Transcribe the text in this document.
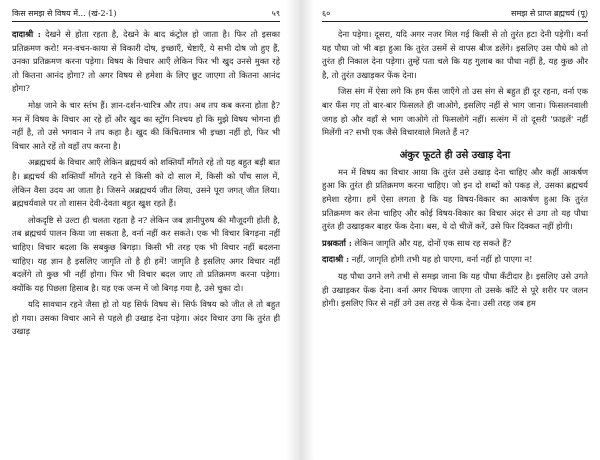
किस समझ से विषय में... (खं-2-1)	५९
दादाश्री : देखने से होता रहता है, देखने के बाद कंट्रोल हो जाता है। फिर तो इसका प्रतिक्रमण करो! मन-वचन-काया से विकारी दोष, इच्छाएँ, चेष्टाएँ, ये सभी दोष जो हुए हैं, उनका प्रतिक्रमण करना पड़ेगा। विषय के विचार आएँ लेकिन फिर भी खुद उनसे मुक्त रहे तो कितना आनंद होगा? तो अगर विषय से हमेशा के लिए छूट जाएगा तो कितना आनंद होगा?
मोक्ष जाने के चार स्तंभ हैं। ज्ञान-दर्शन-चारित्र और तप। अब तप कब करना होता है? मन में विषय के विचार आ रहे हों और खुद का स्ट्रोंग निश्चय हो कि मुझे विषय भोगना ही नहीं है, तो उसे भगवान ने तप कहा है। खुद की किंचितमात्र भी इच्छा नहीं हो, फिर भी विचार आते रहें तो वहाँ तप करना है।
अब्रह्मचर्य के विचार आएँ लेकिन ब्रह्मचर्य को शक्तियाँ माँगते रहे तो यह बहुत बड़ी बात है। ब्रह्मचर्य की शक्तियाँ माँगते रहने से किसी को दो साल में, किसी को पाँच साल में, लेकिन वैसा उदय आ जाता है। जिसने अब्रह्मचर्य जीत लिया, उसने पूरा जगत् जीत लिया। ब्रह्मचर्यवाले पर तो शासन देवी-देवता बहुत खुश रहते हैं।
लोकदृष्टि से उल्टा ही चलता रहता है न? लेकिन जब ज्ञानीपुरुष की मौजूदगी होती है, तब ब्रह्मचर्य पालन किया जा सकता है, वर्ना नहीं कर सकते। एक भी विचार बिगड़ना नहीं चाहिए। विचार बदला कि सबकुछ बिगड़ा। किसी भी तरह एक भी विचार नहीं बदलना चाहिए। यह ज्ञान है इसलिए जागृति तो है ही हमें! जागृति है इसलिए अगर विचार नहीं बदलेंगे तो कुछ भी नहीं होगा। फिर भी विचार बदल जाए तो प्रतिक्रमण करना पड़ेगा। क्योंकि यह पिछला हिसाब है। यह एक जन्म में जो बिगड़ गया है, उसे चुका दो।
यदि सावधान रहने जैसा हो तो यह सिर्फ विषय से। सिर्फ विषय को जीत ले तो बहुत हो गया। उसका विचार आने से पहले ही उखाड़ देना पड़ेगा। अंदर विचार उगा कि तुरंत ही उखाड़
६०	समझ से प्राप्त ब्रह्मचर्य (पू)
देना पड़ेगा। दूसरा, यदि अगर नजर मिल गई किसी से तो तुरंत हटा देनी पड़ेगी। वर्ना यह पौधा जो भी बड़ा हुआ कि तुरंत उसमें से वापस बीज डलेंगे। इसलिए उस पौधे को तो तुरंत ही निकाल देना पड़ेगा। तुम्हें पता चले कि यह गुलाब का पौधा नहीं है, यह कुछ और है, तो तुरंत उखाड़कर फेंक देना।
जिस संग में ऐसा लगे कि हम फँस जाएँगे तो उस संग से बहुत ही दूर रहना, वर्ना एक बार फँस गए तो बार-बार फिसलते ही जाओगे, इसलिए नहीं से भाग जाना। फिसलनवाली जगह हो और वहाँ से भाग जाओगे तो फिसलोगे नहीं। सत्संग में तो दूसरी 'फ़ाइलें' नहीं मिलेंगी न? सभी एक जैसे विचारवाले मिलते हैं न?
अंकुर फूटते ही उसे उखाड़ देना
मन में विषय का विचार आया कि तुरंत उसे उखाड़ देना चाहिए और कहीं आकर्षण हुआ कि तुरंत ही प्रतिक्रमण करना चाहिए। जो इन दो शब्दों को पकड़ ले, उसका ब्रह्मचर्य हमेशा रहेगा। हमें ऐसा लगता है कि यह विषय-विकार का आकर्षण हुआ कि तुरंत प्रतिक्रमण कर लेना चाहिए और कोई विषय-विकार का विचार अंदर से उगा तो यह पौधा तुरंत ही उखाड़कर बाहर फेंक देना। बस, ये दो चीजें करें, उसे फिर दिक्कत नहीं होगी।
प्रश्नकर्ता : लेकिन जागृति और यह, दोनों एक साथ रह सकते हैं?
दादाश्री : नहीं, जागृति होगी तभी यह हो पाएगा, वर्ना नहीं हो पाएगा न!
यह पौधा उगने लगे तभी से समझ जाना कि यह पौधा कँटीदार है। इसलिए उसे उगते ही उखाड़कर फेंक देना। वर्ना अगर चिपक जाएगा तो उसके काँटे से पूरे शरीर पर जलन होगी। इसलिए फिर से नहीं उगे उस तरह से फेंक देना। उसी तरह जब हम
